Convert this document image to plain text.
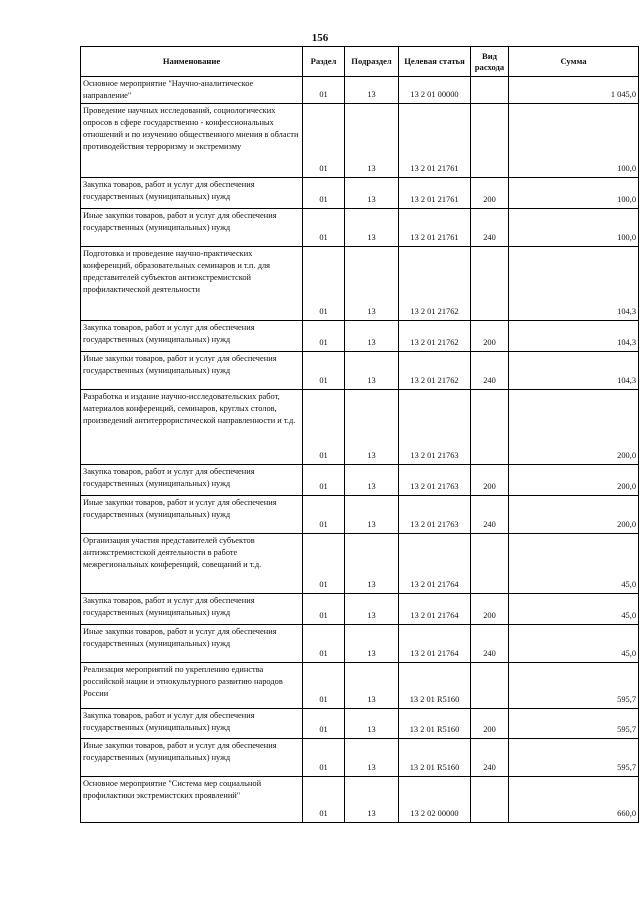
156
Наименование	Раздел	Подраздел	Целевая статья	Вид расхода	Сумма

Основное мероприятие "Научно-аналитическое направление"	01	13	13 2 01 00000		1 045,0

Проведение научных исследований, социологических опросов в сфере государственно - конфессиональных отношений и по изучению общественного мнения в области противодействия терроризму и экстремизму	01	13	13 2 01 21761		100,0

Закупка товаров, работ и услуг для обеспечения государственных (муниципальных) нужд	01	13	13 2 01 21761	200	100,0

Иные закупки товаров, работ и услуг для обеспечения государственных (муниципальных) нужд	01	13	13 2 01 21761	240	100,0

Подготовка и проведение научно-практических конференций, образовательных семинаров и т.п. для представителей субъектов антиэкстремистской профилактической деятельности	01	13	13 2 01 21762		104,3

Закупка товаров, работ и услуг для обеспечения государственных (муниципальных) нужд	01	13	13 2 01 21762	200	104,3

Иные закупки товаров, работ и услуг для обеспечения государственных (муниципальных) нужд	01	13	13 2 01 21762	240	104,3

Разработка и издание научно-исследовательских работ, материалов конференций, семинаров, круглых столов, произведений антитеррористической направленности и т.д.	01	13	13 2 01 21763		200,0

Закупка товаров, работ и услуг для обеспечения государственных (муниципальных) нужд	01	13	13 2 01 21763	200	200,0

Иные закупки товаров, работ и услуг для обеспечения государственных (муниципальных) нужд	01	13	13 2 01 21763	240	200,0

Организация участия представителей субъектов антиэкстремистской деятельности в работе межрегиональных конференций, совещаний и т.д.	01	13	13 2 01 21764		45,0

Закупка товаров, работ и услуг для обеспечения государственных (муниципальных) нужд	01	13	13 2 01 21764	200	45,0

Иные закупки товаров, работ и услуг для обеспечения государственных (муниципальных) нужд	01	13	13 2 01 21764	240	45,0

Реализация мероприятий по укреплению единства российской нации и этнокультурного развитию народов России	01	13	13 2 01 R5160		595,7

Закупка товаров, работ и услуг для обеспечения государственных (муниципальных) нужд	01	13	13 2 01 R5160	200	595,7

Иные закупки товаров, работ и услуг для обеспечения государственных (муниципальных) нужд	01	13	13 2 01 R5160	240	595,7

Основное мероприятие "Система мер социальной профилактики экстремистских проявлений"	01	13	13 2 02 00000		660,0
